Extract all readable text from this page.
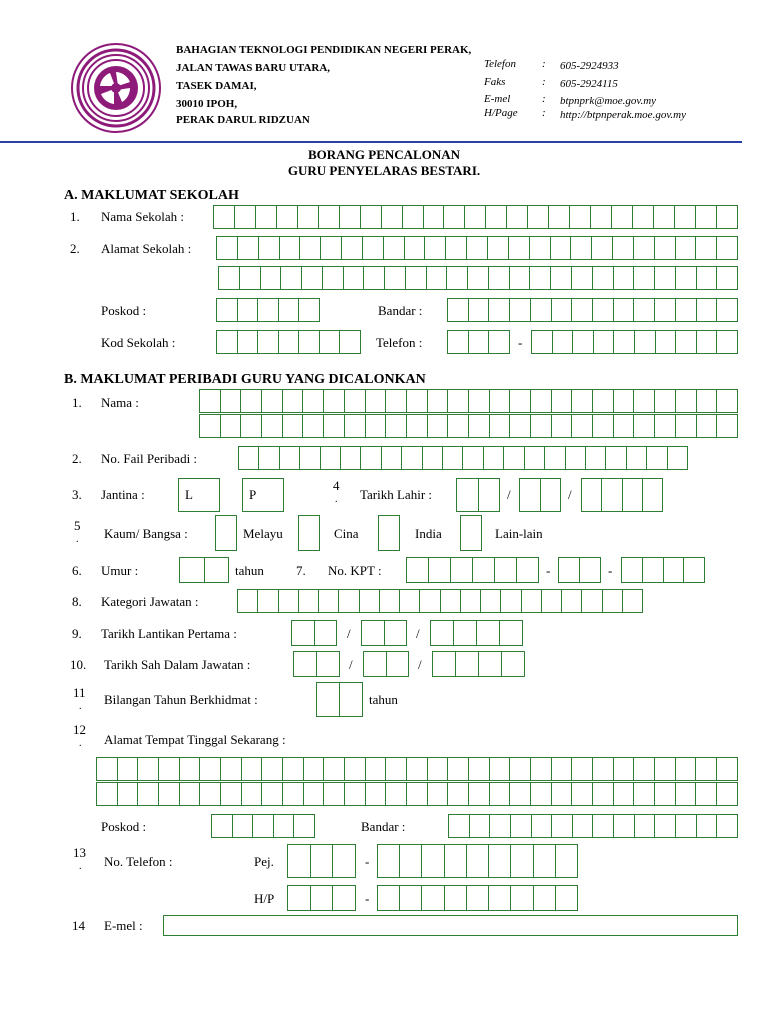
BAHAGIAN TEKNOLOGI PENDIDIKAN NEGERI PERAK,
JALAN TAWAS BARU UTARA,
TASEK DAMAI,
30010 IPOH,
PERAK DARUL RIDZUAN
Telefon : 605-2924933
Faks	: 605-2924115
E-mel	: btpnprk@moe.gov.my
H/Page : http://btpnperak.moe.gov.my
BORANG PENCALONAN
GURU PENYELARAS BESTARI.
A. MAKLUMAT SEKOLAH
1. Nama Sekolah :
2. Alamat Sekolah :
Poskod :	Bandar :
Kod Sekolah :	Telefon :	-
B. MAKLUMAT PERIBADI GURU YANG DICALONKAN
1. Nama :
2. No. Fail Peribadi :
3. Jantina :	L	P
4
. Tarikh Lahir :	/	/
5
. Kaum/ Bangsa :	Melayu	Cina	India	Lain-lain
6. Umur :	tahun 7. No. KPT :	-	-
8. Kategori Jawatan :
9. Tarikh Lantikan Pertama :	/	/
10. Tarikh Sah Dalam Jawatan :	/	/
11
. Bilangan Tahun Berkhidmat :	tahun
12
. Alamat Tempat Tinggal Sekarang :
Poskod :	Bandar :
13
. No. Telefon :	Pej.	-
H/P	-
14 E-mel :
